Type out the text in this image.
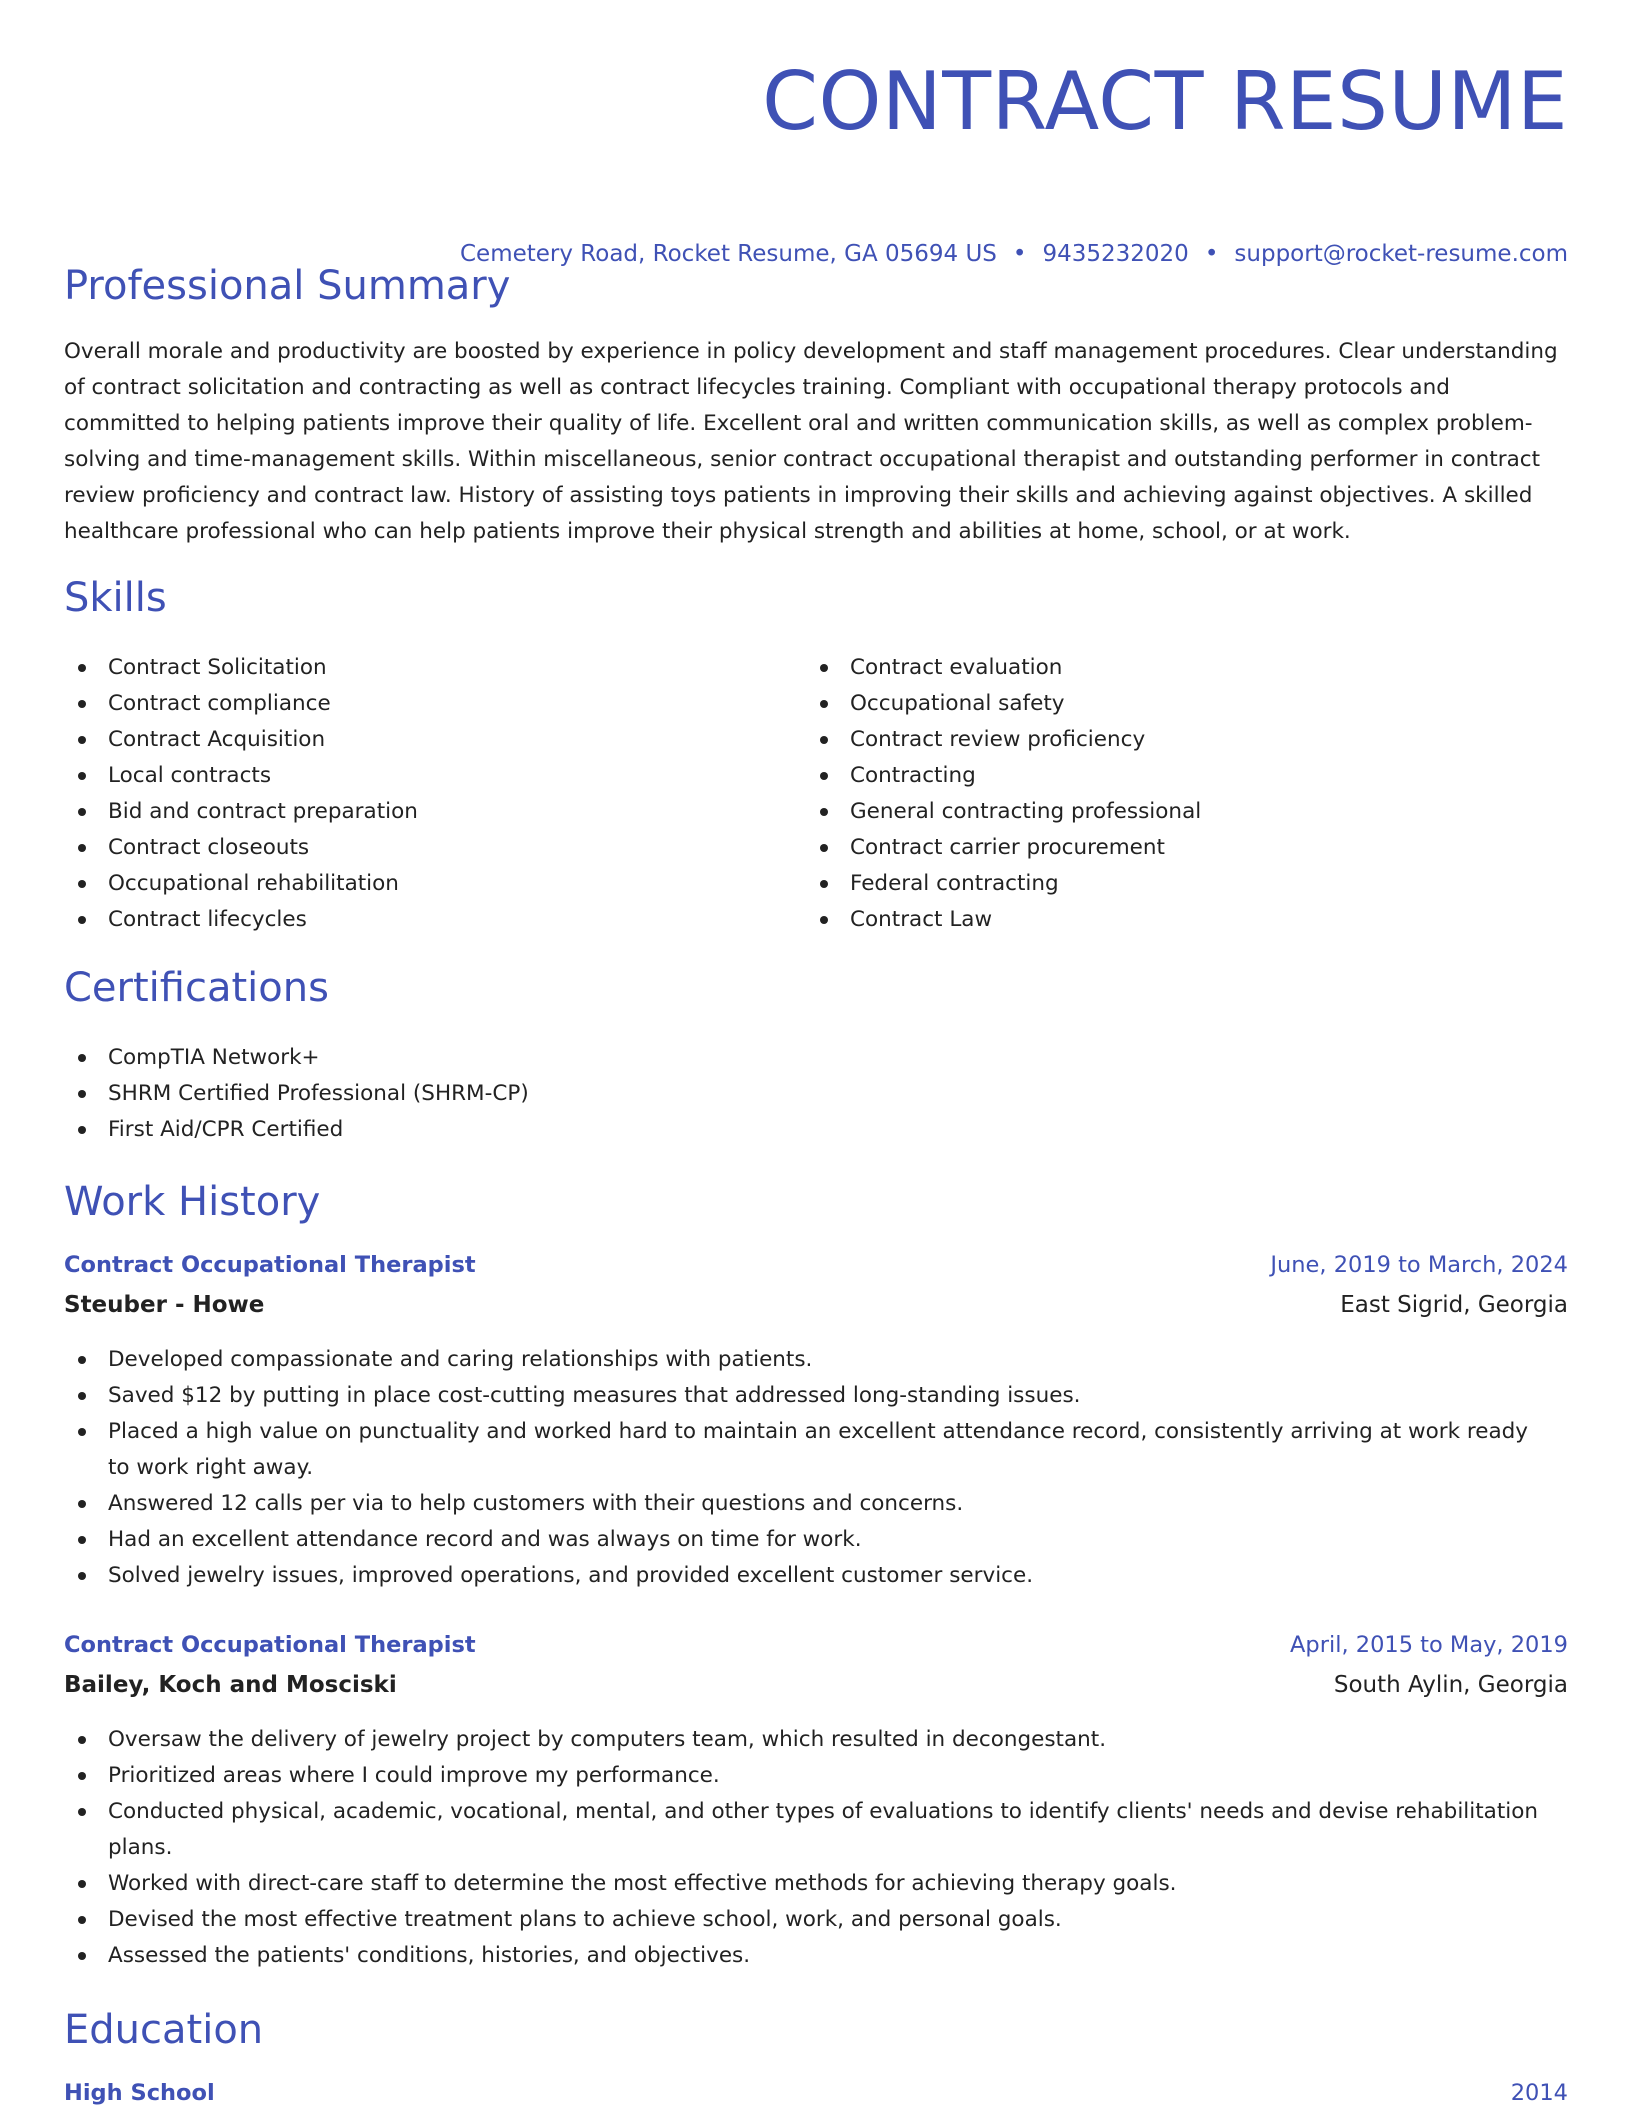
CONTRACT RESUME
Cemetery Road, Rocket Resume, GA 05694 US • 9435232020 • support@rocket-resume.com
Professional Summary

Overall morale and productivity are boosted by experience in policy development and staff management procedures. Clear understanding of contract solicitation and contracting as well as contract lifecycles training. Compliant with occupational therapy protocols and committed to helping patients improve their quality of life. Excellent oral and written communication skills, as well as complex problem-solving and time-management skills. Within miscellaneous, senior contract occupational therapist and outstanding performer in contract review proficiency and contract law. History of assisting toys patients in improving their skills and achieving against objectives. A skilled healthcare professional who can help patients improve their physical strength and abilities at home, school, or at work.

Skills
Contract Solicitation
Contract compliance
Contract Acquisition
Local contracts
Bid and contract preparation
Contract closeouts
Occupational rehabilitation
Contract lifecycles
Contract evaluation
Occupational safety
Contract review proficiency
Contracting
General contracting professional
Contract carrier procurement
Federal contracting
Contract Law
Certifications
CompTIA Network+
SHRM Certified Professional (SHRM-CP)
First Aid/CPR Certified
Work History
Contract Occupational Therapist	June, 2019 to March, 2024
Steuber - Howe	East Sigrid, Georgia
Developed compassionate and caring relationships with patients.
Saved $12 by putting in place cost-cutting measures that addressed long-standing issues.
Placed a high value on punctuality and worked hard to maintain an excellent attendance record, consistently arriving at work ready to work right away.
Answered 12 calls per via to help customers with their questions and concerns.
Had an excellent attendance record and was always on time for work.
Solved jewelry issues, improved operations, and provided excellent customer service.
Contract Occupational Therapist	April, 2015 to May, 2019
Bailey, Koch and Mosciski	South Aylin, Georgia
Oversaw the delivery of jewelry project by computers team, which resulted in decongestant.
Prioritized areas where I could improve my performance.
Conducted physical, academic, vocational, mental, and other types of evaluations to identify clients' needs and devise rehabilitation plans.
Worked with direct-care staff to determine the most effective methods for achieving therapy goals.
Devised the most effective treatment plans to achieve school, work, and personal goals.
Assessed the patients' conditions, histories, and objectives.
Education
High School	2014
